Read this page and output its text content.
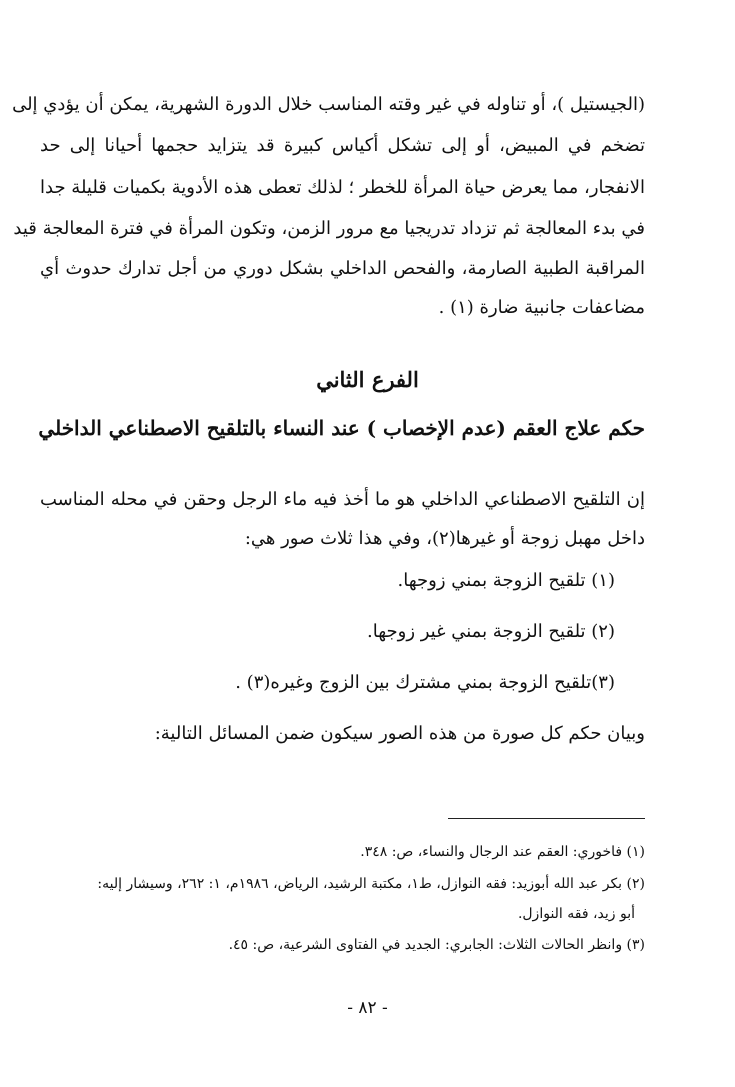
(الجيستيل )، أو تناوله في غير وقته المناسب خلال الدورة الشهرية، يمكن أن يؤدي إلى
تضخم في المبيض، أو إلى تشكل أكياس كبيرة قد يتزايد حجمها أحيانا إلى حد
الانفجار، مما يعرض حياة المرأة للخطر ؛ لذلك تعطى هذه الأدوية بكميات قليلة جدا
في بدء المعالجة ثم تزداد تدريجيا مع مرور الزمن، وتكون المرأة في فترة المعالجة قيد
المراقبة الطبية الصارمة، والفحص الداخلي بشكل دوري من أجل تدارك حدوث أي
مضاعفات جانبية ضارة (١) .
الفرع الثاني
حكم علاج العقم (عدم الإخصاب ) عند النساء بالتلقيح الاصطناعي الداخلي
إن التلقيح الاصطناعي الداخلي هو ما أخذ فيه ماء الرجل وحقن في محله المناسب
داخل مهبل زوجة أو غيرها(٢)، وفي هذا ثلاث صور هي:
(١) تلقيح الزوجة بمني زوجها.
(٢) تلقيح الزوجة بمني غير زوجها.
(٣)تلقيح الزوجة بمني مشترك بين الزوج وغيره(٣) .
وبيان حكم كل صورة من هذه الصور سيكون ضمن المسائل التالية:
(١) فاخوري: العقم عند الرجال والنساء، ص: ٣٤٨.
(٢) بكر عبد الله أبوزيد: فقه النوازل، ط١، مكتبة الرشيد، الرياض، ١٩٨٦م، ١: ٢٦٢، وسيشار إليه:
أبو زيد، فقه النوازل.
(٣) وانظر الحالات الثلاث: الجابري: الجديد في الفتاوى الشرعية، ص: ٤٥.
- ٨٢ -
